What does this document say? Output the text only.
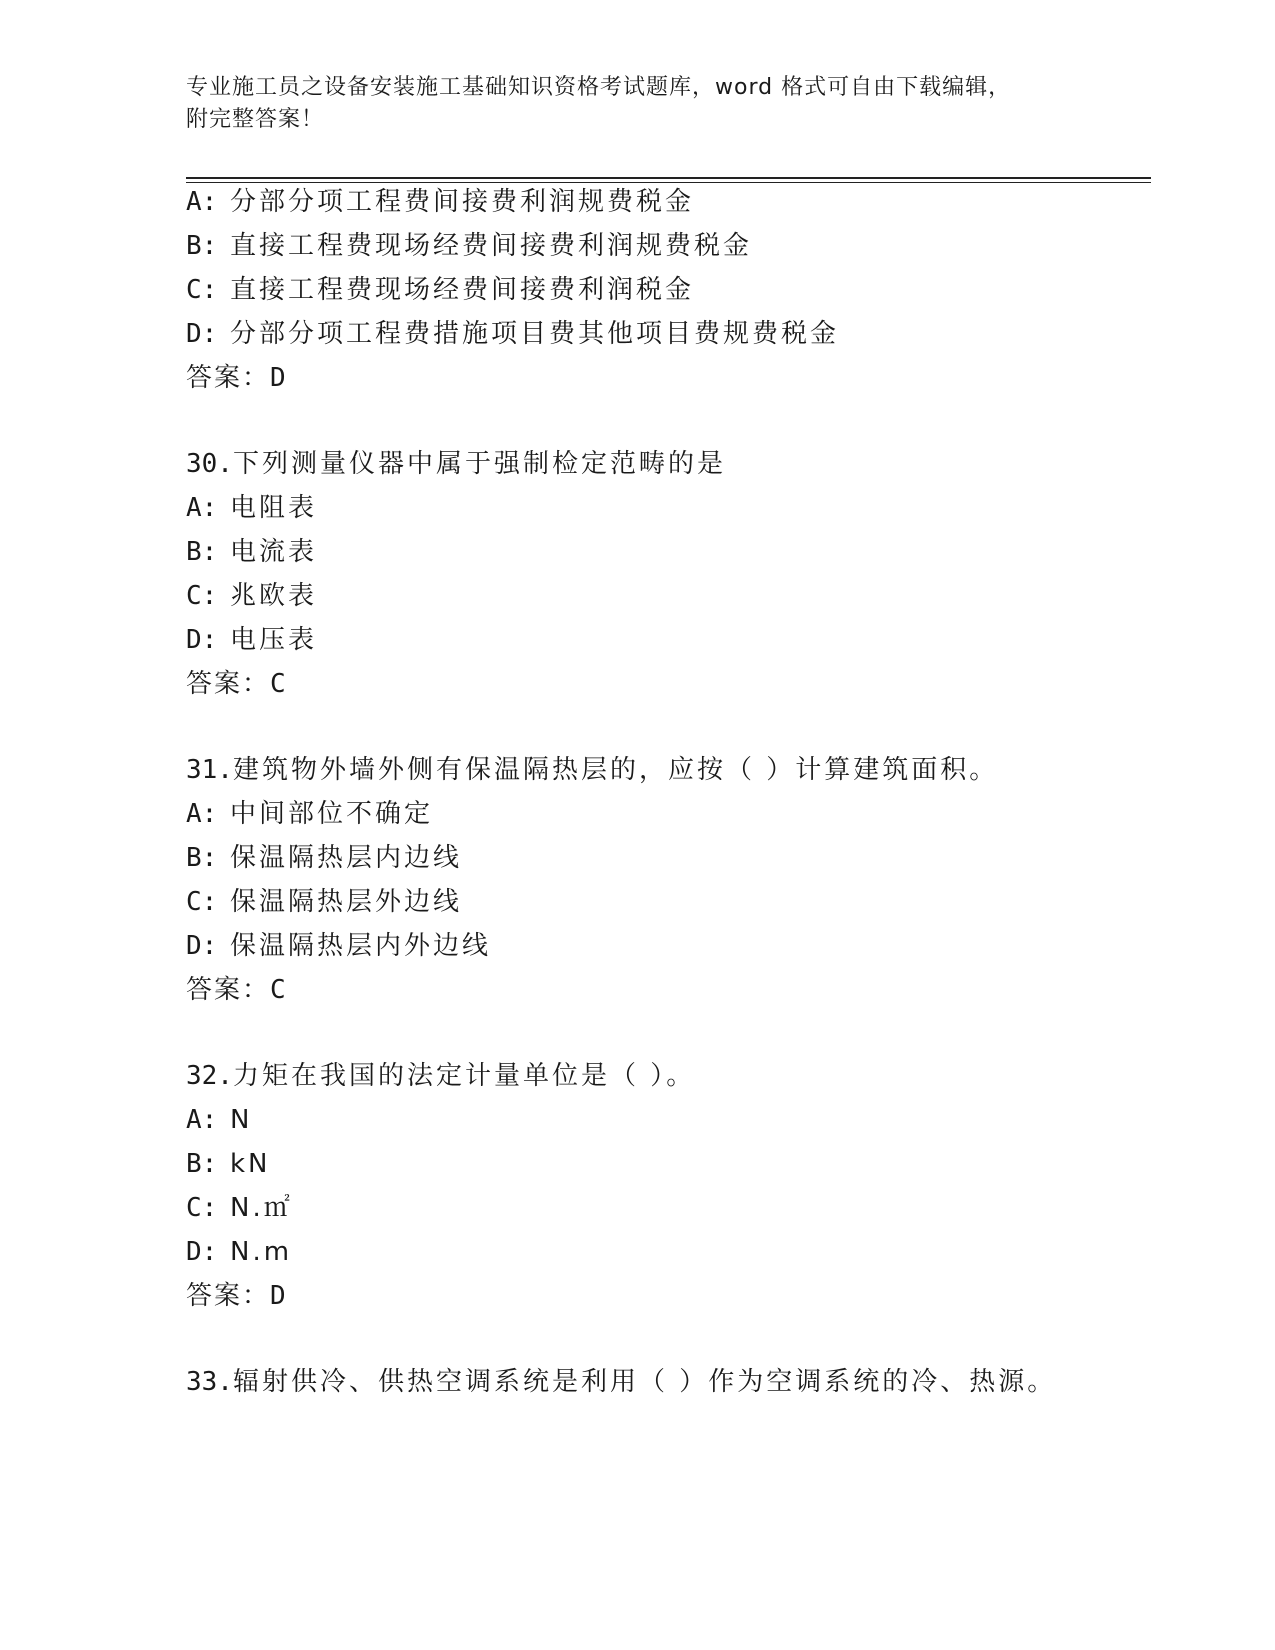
专业施工员之设备安装施工基础知识资格考试题库，word 格式可自由下载编辑，
附完整答案！
A: 分部分项工程费间接费利润规费税金
B: 直接工程费现场经费间接费利润规费税金
C: 直接工程费现场经费间接费利润税金
D: 分部分项工程费措施项目费其他项目费规费税金
答案：D
30.下列测量仪器中属于强制检定范畴的是
A: 电阻表
B: 电流表
C: 兆欧表
D: 电压表
答案：C
31.建筑物外墙外侧有保温隔热层的，应按（ ）计算建筑面积。
A: 中间部位不确定
B: 保温隔热层内边线
C: 保温隔热层外边线
D: 保温隔热层内外边线
答案：C
32.力矩在我国的法定计量单位是（ ）。
A: N
B: kN
C: N.㎡
D: N.m
答案：D
33.辐射供冷、供热空调系统是利用（ ）作为空调系统的冷、热源。
